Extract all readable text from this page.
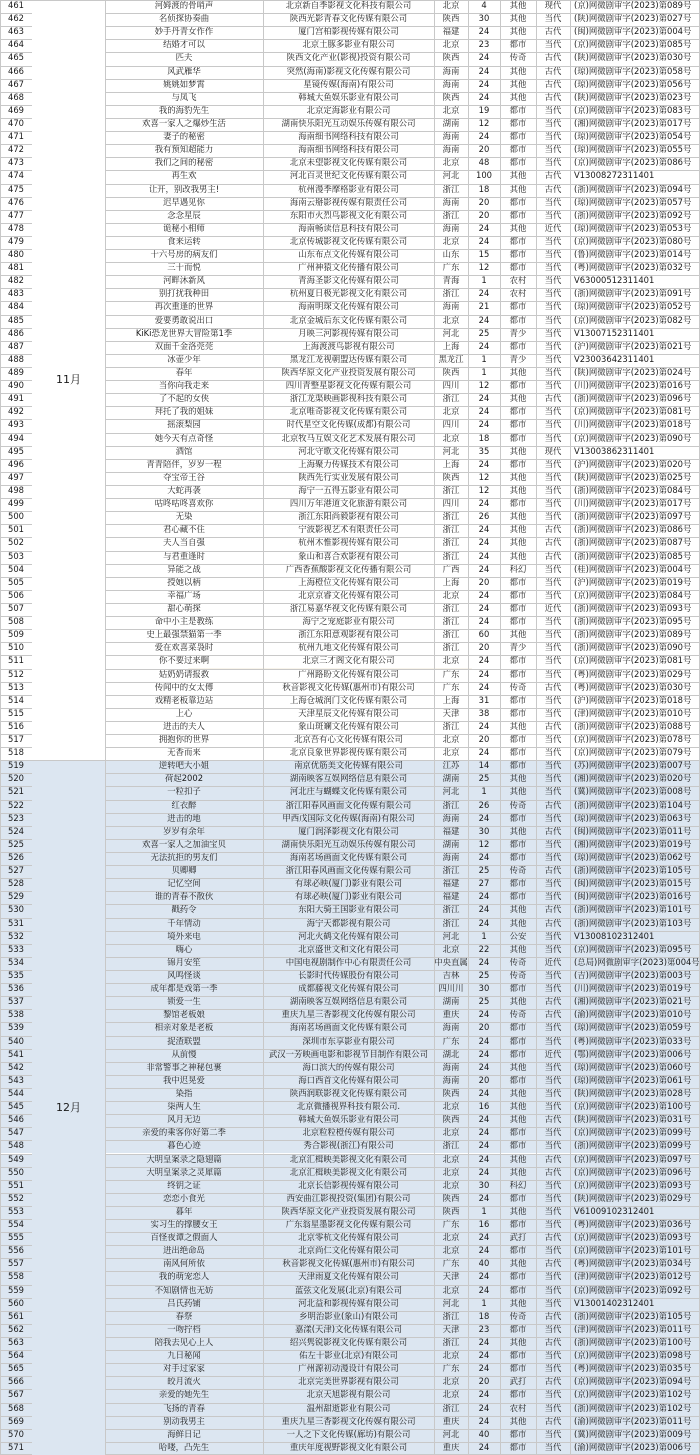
461	河姆渡的骨哨声	北京新自季影视文化科技有限公司	北京	4	其他	现代	(京)网微剧审字(2023)第089号
462	名侦探协奏曲	陕西光影青春文化传媒有限公司	陕西	30	其他	当代	(陕)网微剧审字(2023)第027号
463	妙手丹青女作作	厦门宫柏影视传媒有限公司	福建	24	其他	古代	(闽)网微剧审字(2023)第004号
464	结婚才可以	北京土豚多影业有限公司	北京	23	都市	当代	(京)网微剧审字(2023)第085号
465	匹夫	陕西文化产业(影视)投资有限公司	陕西	24	传奇	古代	(陕)网微剧审字(2023)第030号
466	风武雁华	突然(海南)影视文化传媒有限公司	海南	24	其他	古代	(琼)网微剧审字(2023)第058号
467	姚姚如梦霄	星镜传媒(海南)有限公司	海南	24	其他	古代	(琼)网微剧审字(2023)第056号
468	与凤飞	韩城大鱼娱乐影业有限公司	陕西	24	其他	古代	(陕)网微剧审字(2023)第023号
469	我的海豹先生	北京定海影业有限公司	北京	19	都市	当代	(京)网微剧审字(2023)第083号
470	欢喜一家人之爆炒生活	湖南快乐阳光互动娱乐传媒有限公司	湖南	12	都市	当代	(湘)网微剧审字(2023)第017号
471	妻子的秘密	海南细书网络科技有限公司	海南	24	都市	当代	(琼)网微剧审字(2023)第054号
472	我有预知超能力	海南细书网络科技有限公司	海南	20	都市	当代	(琼)网微剧审字(2023)第055号
473	我们之间的秘密	北京未望影视文化传媒有限公司	北京	48	都市	当代	(京)网微剧审字(2023)第086号
474	再生欢	河北百灵世纪文化传媒有限公司	河北	100	其他	古代	V13008272311401
475	让开，别改我男主!	杭州漫季摩格影业有限公司	浙江	18	其他	古代	(浙)网微剧审字(2023)第094号
476	迟早遇见你	海南云掰影视传媒有限责任公司	海南	20	都市	当代	(琼)网微剧审字(2023)第057号
477	念念星辰	东阳市火烈鸟影视文化有限公司	浙江	20	都市	当代	(浙)网微剧审字(2023)第092号
478	诡秘小相师	海南畅读信息科技有限公司	海南	24	其他	近代	(琼)网微剧审字(2023)第053号
479	食来运转	北京传城影视文化传媒有限公司	北京	24	都市	当代	(京)网微剧审字(2023)第080号
480	十六号房的病友们	山东布点文化传媒有限公司	山东	15	都市	当代	(鲁)网微剧审字(2023)第014号
481	三十而悦	广州神猿文化传播有限公司	广东	12	都市	当代	(粤)网微剧审字(2023)第032号
482	河畔沐新风	青海圣影文化传媒有限公司	青海	1	农村	当代	V63000512311401
483	别打扰我种田	杭州夏日极光影视文化有限公司	浙江	24	农村	当代	(浙)网微剧审字(2023)第091号
484	再次重逢的世界	海南明琛文化传媒有限公司	海南	21	都市	当代	(琼)网微剧审字(2023)第052号
485	爱要勇敢说出口	北京金城后东文化传媒有限公司	北京	24	都市	当代	(京)网微剧审字(2023)第082号
486	KiKi恐龙世界大冒险第1季	月映三河影视传媒有限公司	河北	25	青少	当代	V13007152311401
487	双面千金洛莞莞	上海渡渡鸟影视有限公司	上海	24	都市	当代	(沪)网微剧审字(2023)第021号
488	冰壶少年	黑龙江龙视朝盟达传媒有限公司	黑龙江	1	青少	当代	V23003642311401
489	春年	陕西华原文化产业投资发展有限公司	陕西	1	其他	当代	(陕)网微剧审字(2023)第024号
490	当你向我走来	四川青整星影视文化传媒有限公司	四川	12	都市	当代	(川)网微剧审字(2023)第016号
491	了不起的女侠	浙江龙渠映画影视科技有限公司	浙江	24	其他	古代	(浙)网微剧审字(2023)第096号
492	拜托了我的姐妹	北京唯奇影视文化传媒有限公司	北京	24	都市	当代	(京)网微剧审字(2023)第081号
493	摇滚梨园	时代星空文化传媒(成都)有限公司	四川	24	都市	当代	(川)网微剧审字(2023)第018号
494	她今天有点奇怪	北京牧马互娱文化艺术发展有限公司	北京	18	都市	当代	(京)网微剧审字(2023)第090号
495	酒馆	河北守歌文化传媒有限公司	河北	35	其他	现代	V13003862311401
496	青青陪伴，岁岁一程	上海聚力传媒技术有限公司	上海	24	都市	当代	(沪)网微剧审字(2023)第020号
497	夺宝帝王谷	陕西先行实业发展有限公司	陕西	12	其他	当代	(陕)网微剧审字(2023)第025号
498	大蛇再袭	海宁一五得五影业有限公司	浙江	12	其他	当代	(浙)网微剧审字(2023)第084号
499	咕咚咕咚喜欢你	四川万年港道文化旅游有限公司	四川	24	都市	当代	(川)网微剧审字(2023)第017号
500	无染	浙江东阳尚毅影视有限公司	浙江	26	其他	当代	(浙)网微剧审字(2023)第097号
501	君心藏不住	宁波影视艺术有限责任公司	浙江	24	其他	古代	(浙)网微剧审字(2023)第086号
502	夫人当自强	杭州木惟影视传媒有限公司	浙江	24	其他	古代	(浙)网微剧审字(2023)第087号
503	与君重逢时	象山和喜合欢影视有限公司	浙江	24	其他	古代	(浙)网微剧审字(2023)第085号
504	异能之战	广西香蕉酸影视文化传播有限公司	广西	24	科幻	当代	(桂)网微剧审字(2023)第004号
505	授她以柄	上海橙位文化传媒有限公司	上海	20	都市	当代	(沪)网微剧审字(2023)第019号
506	幸福广场	北京京睿文化传媒有限公司	北京	24	都市	当代	(京)网微剧审字(2023)第084号
507	甜心萌探	浙江易嘉华视文化传媒有限公司	浙江	24	都市	近代	(浙)网微剧审字(2023)第093号
508	命中小主是教练	海宁之宠庭影业有限公司	浙江	24	都市	当代	(浙)网微剧审字(2023)第095号
509	史上最强禁猫第一季	浙江东阳意观影视有限公司	浙江	60	其他	当代	(浙)网微剧审字(2023)第089号
510	爱在欢喜菜袅时	杭州九地文化传媒有限公司	浙江	20	青少	当代	(浙)网微剧审字(2023)第090号
511	你不要过来啊	北京三才阁文化有限公司	北京	24	都市	当代	(京)网微剧审字(2023)第081号
512	姑奶奶请报救	广州路盼文化传媒有限公司	广东	24	都市	当代	(粤)网微剧审字(2023)第029号
513	传闻中的女太傅	秋音影视文化传媒(惠州市)有限公司	广东	24	传奇	古代	(粤)网微剧审字(2023)第030号
514	戏精老板靠边站	上海仓城润门文化传媒有限公司	上海	31	都市	当代	(沪)网微剧审字(2023)第018号
515	上心	天津星辰文化传媒有限公司	天津	38	都市	当代	(津)网微剧审字(2023)第010号
516	进击的夫人	象山斑斓文化传媒有限公司	浙江	24	其他	古代	(浙)网微剧审字(2023)第088号
517	拥抱你的世界	北京吾有心文化传媒有限公司	北京	20	都市	当代	(京)网微剧审字(2023)第078号
518	无香而来	北京良象世界影视传媒有限公司	北京	24	都市	当代	(京)网微剧审字(2023)第079号
519	逆转吧大小姐	南京优筋美文化传媒有限公司	江苏	14	都市	当代	(苏)网微剧审字(2023)第007号
520	荷起2002	湖南映客互娱网络信息有限公司	湖南	25	其他	当代	(湘)网微剧审字(2023)第020号
521	一粒扣子	河北庄与蝴蝶文化传媒有限公司	河北	1	其他	当代	(冀)网微剧审字(2023)第008号
522	红衣醉	浙江阳春风画面文化传媒有限公司	浙江	26	传奇	古代	(浙)网微剧审字(2023)第104号
523	进击的地	甲西戊国际文化传媒(海南)有限公司	海南	24	都市	当代	(琼)网微剧审字(2023)第063号
524	岁岁有余年	厦门润泽影视文化有限公司	福建	30	其他	古代	(闽)网微剧审字(2023)第011号
525	欢喜一家人之加油宝贝	湖南快乐阳光互动娱乐传媒有限公司	湖南	12	都市	当代	(湘)网微剧审字(2023)第019号
526	无法抗拒的男友们	海南茗场画面文化传媒有限公司	海南	24	都市	当代	(琼)网微剧审字(2023)第062号
527	贝卿卿	浙江阳春风画面文化传媒有限公司	浙江	25	传奇	古代	(浙)网微剧审字(2023)第105号
528	记忆空间	有球必映(厦门)影业有限公司	福建	27	都市	当代	(闽)网微剧审字(2023)第015号
529	谁的青春不散伙	有球必映(厦门)影业有限公司	福建	24	都市	当代	(闽)网微剧审字(2023)第016号
530	戳药令	东阳大骑王国影业有限公司	浙江	24	其他	古代	(浙)网微剧审字(2023)第101号
531	千年情动	海宁天都影视有限公司	浙江	24	其他	古代	(浙)网微剧审字(2023)第103号
532	境外来电	河北火鹤文化传媒有限公司	河北	1	公安	当代	V13008102312401
533	嗨心	北京盛世文和文化有限公司	北京	22	其他	当代	(京)网微剧审字(2023)第095号
534	锦月安笙	中国电视剧制作中心有限责任公司	中央直属	24	传奇	近代	(总局)网微剧审字(2023)第004号
535	风鸣怪谈	长影时代传媒股份有限公司	吉林	25	传奇	当代	(吉)网微剧审字(2023)第003号
536	成年都是戏第一季	成都藤视文化传媒有限公司	四川川	30	都市	当代	(川)网微剧审字(2023)第019号
537	锁爱一生	湖南映客互娱网络信息有限公司	湖南	25	其他	古代	(湘)网微剧审字(2023)第021号
538	黎馆老板娘	重庆九星三香影视文化传媒有限公司	重庆	24	传奇	古代	(渝)网微剧审字(2023)第010号
539	相亲对象是老板	海南茗场画面文化传媒有限公司	海南	20	都市	当代	(琼)网微剧审字(2023)第059号
540	捉渣联盟	深圳市东享影业有限公司	广东	24	都市	当代	(粤)网微剧审字(2023)第033号
541	从前慢	武汉一芳映画电影和影视节目制作有限公司	湖北	24	都市	近代	(鄂)网微剧审字(2023)第006号
542	非常警事之神秘包裹	海口滨大的传媒有限公司	海南	24	其他	当代	(琼)网微剧审字(2023)第060号
543	我中迟晃爱	海口西首文化传媒有限公司	海南	20	都市	当代	(琼)网微剧审字(2023)第061号
544	染指	陕西润联影视文化传媒有限公司	陕西	24	其他	当代	(陕)网微剧审字(2023)第028号
545	柒两人生	北京微播视界科技有限公司.	北京	16	其他	当代	(京)网微剧审字(2023)第100号
546	风月无边	韩城大鱼娱乐影业有限公司	陕西	24	其他	古代	(陕)网微剧审字(2023)第031号
547	亲爱的乘客你好第二季	北京粒粒橙传媒有限公司	北京	24	都市	当代	(京)网微剧审字(2023)第099号
548	暮色心迹	秀合影视(浙江)有限公司	浙江	24	都市	当代	(浙)网微剧审字(2023)第099号
549	大明皇案录之隐翅篇	北京汇楫映美影视文化有限公司	北京	24	其他	古代	(京)网微剧审字(2023)第097号
550	大明皇案录之灵犀篇	北京汇楫映美影视文化有限公司	北京	24	其他	古代	(京)网微剧审字(2023)第096号
551	终钥之证	北京长信影视传媒有限公司	北京	30	科幻	当代	(京)网微剧审字(2023)第093号
552	恋恋小食光	西安曲江影视投资(集团)有限公司	陕西	24	都市	当代	(陕)网微剧审字(2023)第029号
553	暮年	陕西华原文化产业投资发展有限公司	陕西	1	其他	当代	V61009102312401
554	实习生的撑腰女王	广东翁星墨影视文化传媒有限公司	广东	16	都市	当代	(粤)网微剧审字(2023)第036号
555	百怪夜谭之假面人	北京零杭文化传媒有限公司	北京	24	武打	古代	(京)网微剧审字(2023)第093号
556	进出绝命岛	北京尚仁文化传媒有限公司	北京	24	都市	当代	(京)网微剧审字(2023)第101号
557	南风何所依	秋音影视文化传媒(惠州市)有限公司	广东	40	其他	古代	(粤)网微剧审字(2023)第034号
558	我的萌宠恋人	天津雨夏文化传媒有限公司	天津	24	都市	当代	(津)网微剧审字(2023)第012号
559	不知剧情也无妨	蓝弦文化发展(北京)有限公司	北京	24	都市	当代	(京)网微剧审字(2023)第092号
560	吕氏药铺	河北益和影视传媒有限公司	河北	1	其他	当代	V13001402312401
561	春祭	乡明治影业(象山)有限公司	浙江	18	传奇	古代	(浙)网微剧审字(2023)第105号
562	一吻拧档	嘉漾(天津)文化传媒有限公司	天津	23	都市	当代	(津)网微剧审字(2023)第011号
563	陪我去见心上人	绍兴隽锐影视文化传媒有限公司	浙江	24	其他	古代	(浙)网微剧审字(2023)第100号
564	九日秘闻	佑左十影业(北京)有限公司	北京	24	都市	当代	(京)网微剧审字(2023)第098号
565	对手过家家	广州源初动漫设计有限公司	广东	24	都市	当代	(粤)网微剧审字(2023)第035号
566	皎月流火	北京完美世界影视有限公司	北京	20	武打	古代	(京)网微剧审字(2023)第094号
567	亲爱的她先生	北京天旭影视有限公司	北京	24	都市	当代	(京)网微剧审字(2023)第102号
568	飞扬的青春	温州甜逝影业有限公司	浙江	24	农村	当代	(浙)网微剧审字(2023)第102号
569	别动我男主	重庆九星三香影视文化传媒有限公司	重庆	24	其他	古代	(渝)网微剧审字(2023)第011号
570	海鲜日记	一人之下文化传媒(廊坊)有限公司	河北	40	都市	当代	(冀)网微剧审字(2023)第009号
571	哈喽，凸先生	重庆年度视野影视文化有限公司	重庆	24	都市	当代	(渝)网微剧审字(2023)第006号
11月
12月
